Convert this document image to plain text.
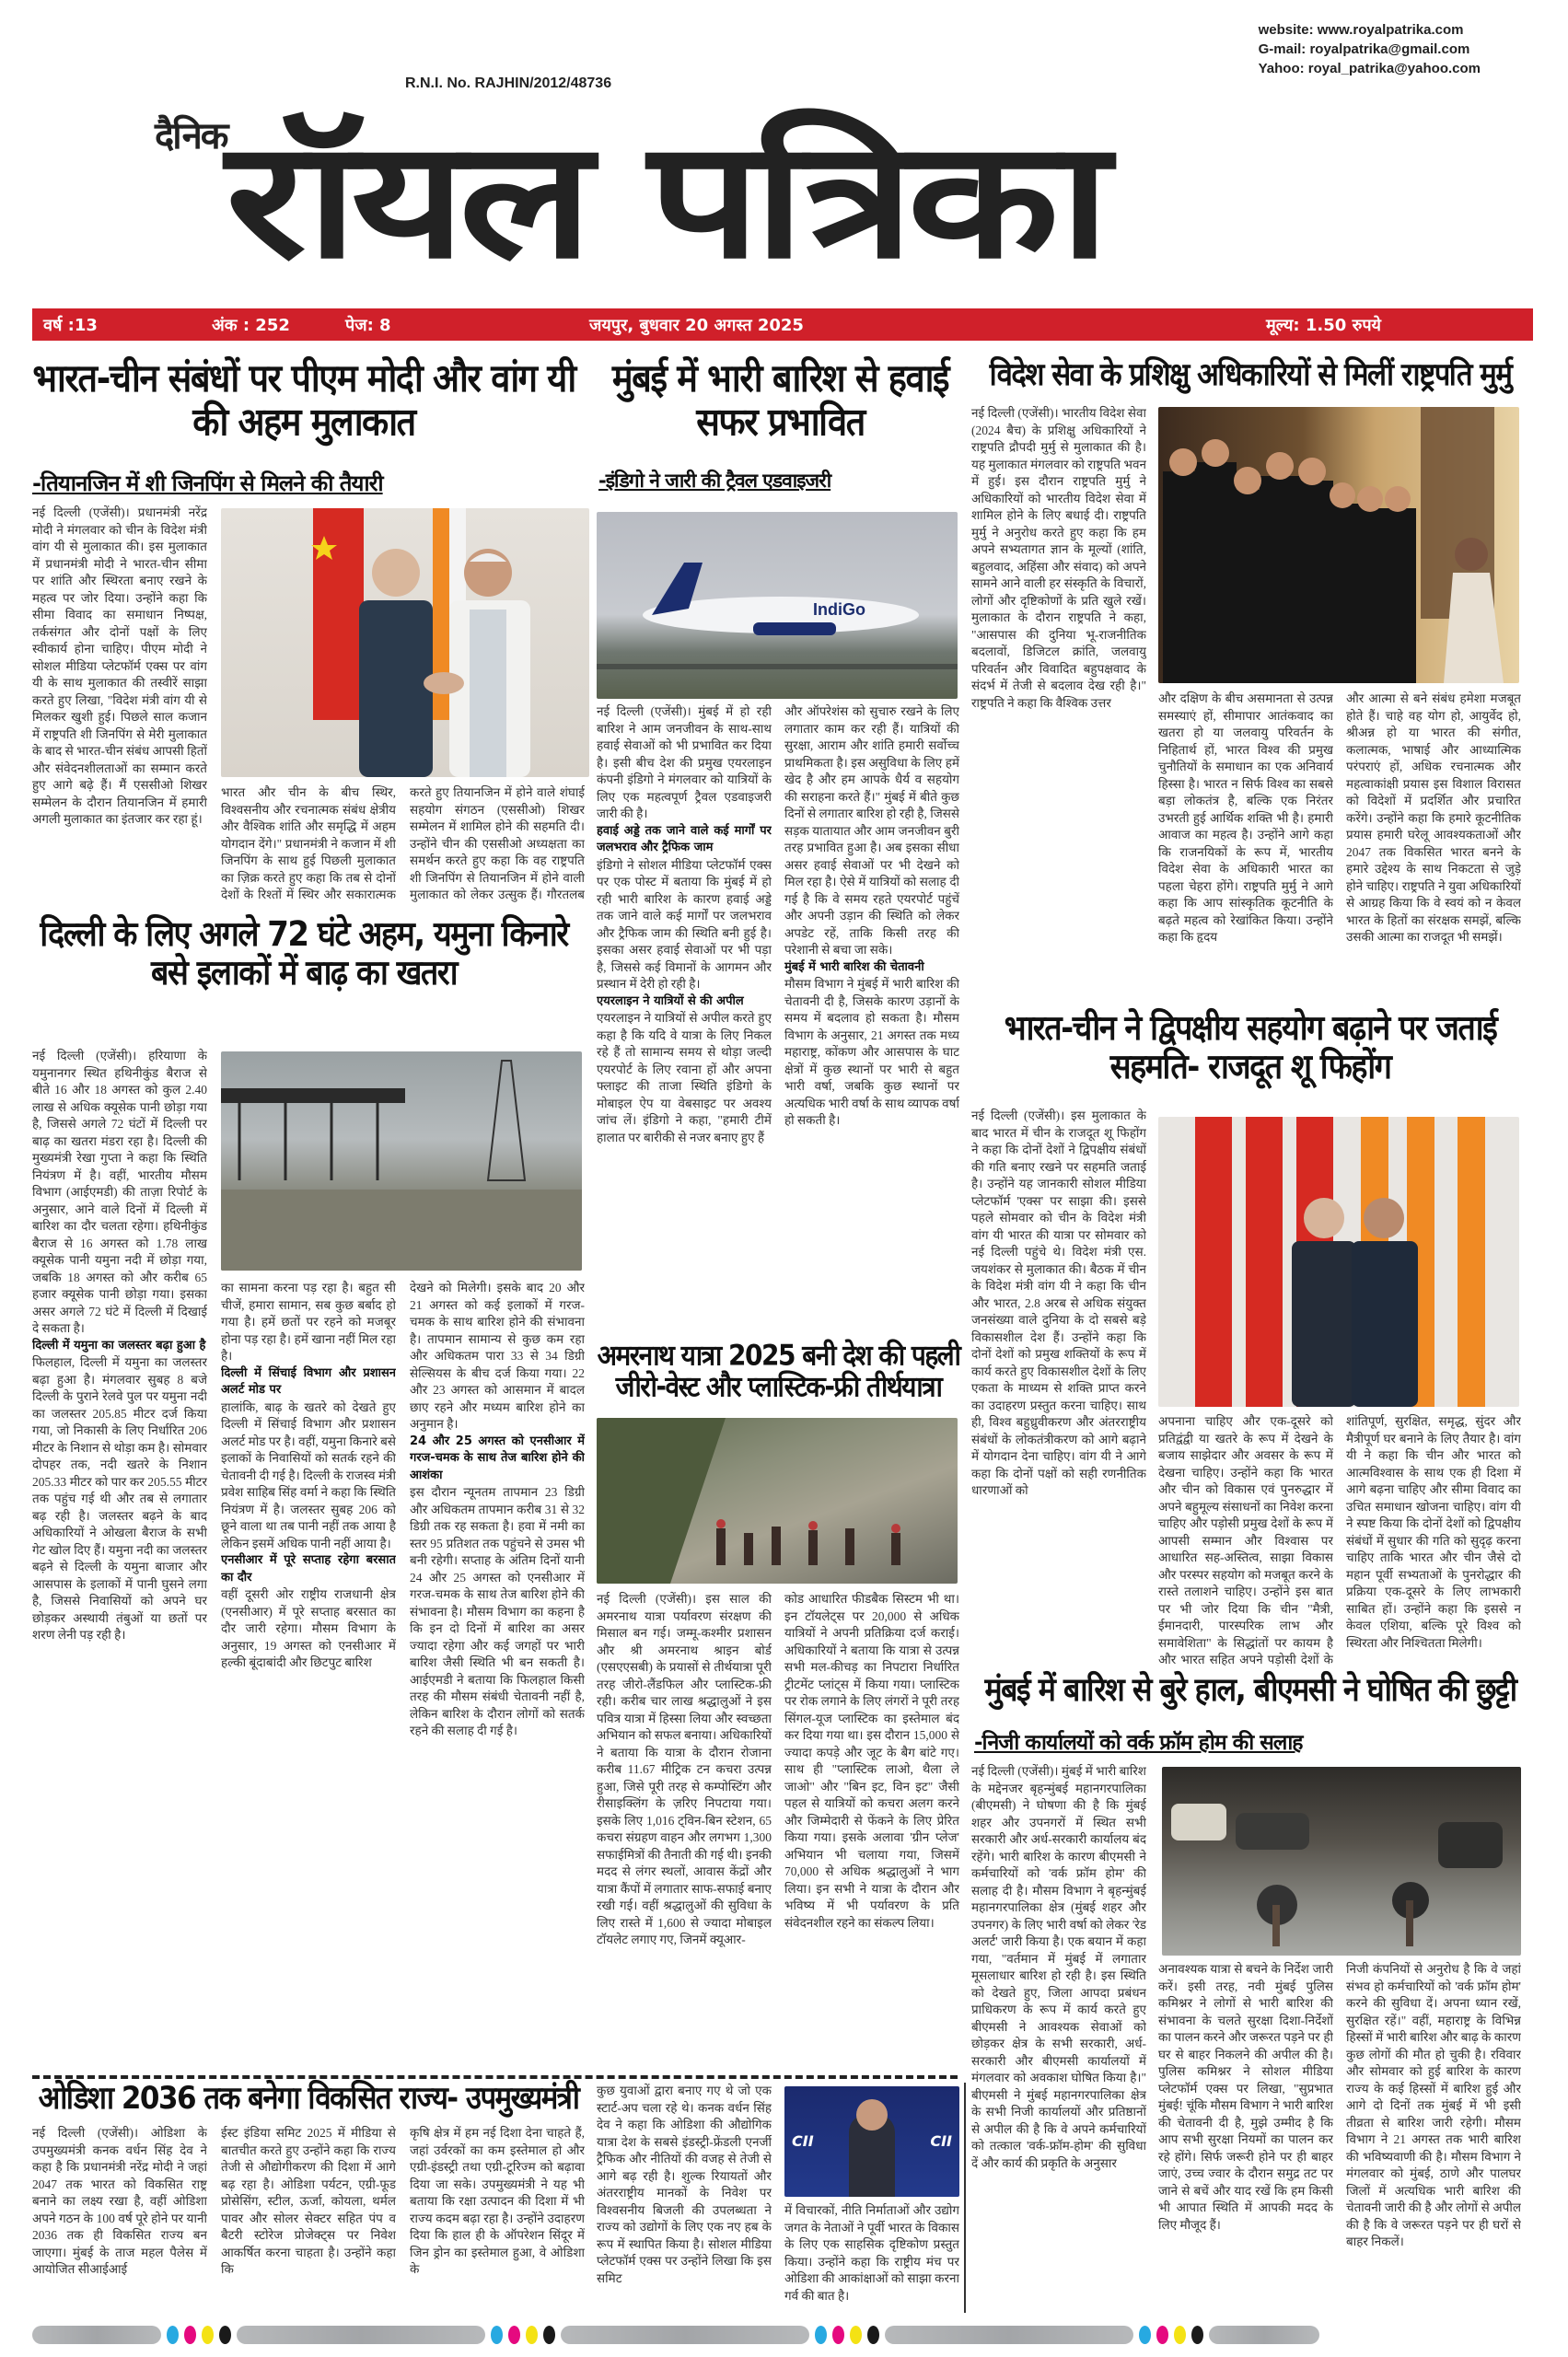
website: www.royalpatrika.com
G-mail: royalpatrika@gmail.com
Yahoo: royal_patrika@yahoo.com
R.N.I. No. RAJHIN/2012/48736
दैनिक
रॉयल पत्रिका
वर्ष :13	अंक : 252	पेज: 8	जयपुर, बुधवार 20 अगस्त 2025	मूल्य: 1.50 रुपये
भारत-चीन संबंधों पर पीएम मोदी और वांग यी की अहम मुलाकात
-तियानजिन में शी जिनपिंग से मिलने की तैयारी
नई दिल्ली (एजेंसी)। प्रधानमंत्री नरेंद्र मोदी ने मंगलवार को चीन के विदेश मंत्री वांग यी से मुलाकात की। इस मुलाकात में प्रधानमंत्री मोदी ने भारत-चीन सीमा पर शांति और स्थिरता बनाए रखने के महत्व पर जोर दिया। उन्होंने कहा कि सीमा विवाद का समाधान निष्पक्ष, तर्कसंगत और दोनों पक्षों के लिए स्वीकार्य होना चाहिए। पीएम मोदी ने सोशल मीडिया प्लेटफॉर्म एक्स पर वांग यी के साथ मुलाकात की तस्वीरें साझा करते हुए लिखा, "विदेश मंत्री वांग यी से मिलकर खुशी हुई। पिछले साल कजान में राष्ट्रपति शी जिनपिंग से मेरी मुलाकात के बाद से भारत-चीन संबंध आपसी हितों और संवेदनशीलताओं का सम्मान करते हुए आगे बढ़े हैं। मैं एससीओ शिखर सम्मेलन के दौरान तियानजिन में हमारी अगली मुलाकात का इंतजार कर रहा हूं।
भारत और चीन के बीच स्थिर, विश्वसनीय और रचनात्मक संबंध क्षेत्रीय और वैश्विक शांति और समृद्धि में अहम योगदान देंगे।" प्रधानमंत्री ने कजान में शी जिनपिंग के साथ हुई पिछली मुलाकात का ज़िक्र करते हुए कहा कि तब से दोनों देशों के रिश्तों में स्थिर और सकारात्मक
करते हुए तियानजिन में होने वाले शंघाई सहयोग संगठन (एससीओ) शिखर सम्मेलन में शामिल होने की सहमति दी। उन्होंने चीन की एससीओ अध्यक्षता का समर्थन करते हुए कहा कि वह राष्ट्रपति शी जिनपिंग से तियानजिन में होने वाली मुलाकात को लेकर उत्सुक हैं। गौरतलब
मुंबई में भारी बारिश से हवाई सफर प्रभावित
-इंडिगो ने जारी की ट्रैवल एडवाइजरी
IndiGo
नई दिल्ली (एजेंसी)। मुंबई में हो रही बारिश ने आम जनजीवन के साथ-साथ हवाई सेवाओं को भी प्रभावित कर दिया है। इसी बीच देश की प्रमुख एयरलाइन कंपनी इंडिगो ने मंगलवार को यात्रियों के लिए एक महत्वपूर्ण ट्रैवल एडवाइजरी जारी की है।
हवाई अड्डे तक जाने वाले कई मार्गों पर जलभराव और ट्रैफिक जाम
इंडिगो ने सोशल मीडिया प्लेटफॉर्म एक्स पर एक पोस्ट में बताया कि मुंबई में हो रही भारी बारिश के कारण हवाई अड्डे तक जाने वाले कई मार्गों पर जलभराव और ट्रैफिक जाम की स्थिति बनी हुई है। इसका असर हवाई सेवाओं पर भी पड़ा है, जिससे कई विमानों के आगमन और प्रस्थान में देरी हो रही है।
एयरलाइन ने यात्रियों से की अपील
एयरलाइन ने यात्रियों से अपील करते हुए कहा है कि यदि वे यात्रा के लिए निकल रहे हैं तो सामान्य समय से थोड़ा जल्दी एयरपोर्ट के लिए रवाना हों और अपना फ्लाइट की ताजा स्थिति इंडिगो के मोबाइल ऐप या वेबसाइट पर अवश्य जांच लें। इंडिगो ने कहा, "हमारी टीमें हालात पर बारीकी से नजर बनाए हुए हैं
और ऑपरेशंस को सुचारु रखने के लिए लगातार काम कर रही हैं। यात्रियों की सुरक्षा, आराम और शांति हमारी सर्वोच्च प्राथमिकता है। इस असुविधा के लिए हमें खेद है और हम आपके धैर्य व सहयोग की सराहना करते हैं।" मुंबई में बीते कुछ दिनों से लगातार बारिश हो रही है, जिससे सड़क यातायात और आम जनजीवन बुरी तरह प्रभावित हुआ है। अब इसका सीधा असर हवाई सेवाओं पर भी देखने को मिल रहा है। ऐसे में यात्रियों को सलाह दी गई है कि वे समय रहते एयरपोर्ट पहुंचें और अपनी उड़ान की स्थिति को लेकर अपडेट रहें, ताकि किसी तरह की परेशानी से बचा जा सके।
मुंबई में भारी बारिश की चेतावनी
मौसम विभाग ने मुंबई में भारी बारिश की चेतावनी दी है, जिसके कारण उड़ानों के समय में बदलाव हो सकता है। मौसम विभाग के अनुसार, 21 अगस्त तक मध्य महाराष्ट्र, कोंकण और आसपास के घाट क्षेत्रों में कुछ स्थानों पर भारी से बहुत भारी वर्षा, जबकि कुछ स्थानों पर अत्यधिक भारी वर्षा के साथ व्यापक वर्षा हो सकती है।
विदेश सेवा के प्रशिक्षु अधिकारियों से मिलीं राष्ट्रपति मुर्मु
नई दिल्ली (एजेंसी)। भारतीय विदेश सेवा (2024 बैच) के प्रशिक्षु अधिकारियों ने राष्ट्रपति द्रौपदी मुर्मु से मुलाकात की है। यह मुलाकात मंगलवार को राष्ट्रपति भवन में हुई। इस दौरान राष्ट्रपति मुर्मु ने अधिकारियों को भारतीय विदेश सेवा में शामिल होने के लिए बधाई दी। राष्ट्रपति मुर्मु ने अनुरोध करते हुए कहा कि हम अपने सभ्यतागत ज्ञान के मूल्यों (शांति, बहुलवाद, अहिंसा और संवाद) को अपने सामने आने वाली हर संस्कृति के विचारों, लोगों और दृष्टिकोणों के प्रति खुले रखें। मुलाकात के दौरान राष्ट्रपति ने कहा, "आसपास की दुनिया भू-राजनीतिक बदलावों, डिजिटल क्रांति, जलवायु परिवर्तन और विवादित बहुपक्षवाद के संदर्भ में तेजी से बदलाव देख रही है।" राष्ट्रपति ने कहा कि वैश्विक उत्तर	और दक्षिण के बीच असमानता से उत्पन्न समस्याएं हों, सीमापार आतंकवाद का खतरा हो या जलवायु परिवर्तन के निहितार्थ हों, भारत विश्व की प्रमुख चुनौतियों के समाधान का एक अनिवार्य हिस्सा है। भारत न सिर्फ विश्व का सबसे बड़ा लोकतंत्र है, बल्कि एक निरंतर उभरती हुई आर्थिक शक्ति भी है। हमारी आवाज का महत्व है। उन्होंने आगे कहा कि राजनयिकों के रूप में, भारतीय विदेश सेवा के अधिकारी भारत का पहला चेहरा होंगे। राष्ट्रपति मुर्मु ने आगे कहा कि आप सांस्कृतिक कूटनीति के बढ़ते महत्व को रेखांकित किया। उन्होंने कहा कि हृदय
और आत्मा से बने संबंध हमेशा मजबूत होते हैं। चाहे वह योग हो, आयुर्वेद हो, श्रीअन्न हो या भारत की संगीत, कलात्मक, भाषाई और आध्यात्मिक परंपराएं हों, अधिक रचनात्मक और महत्वाकांक्षी प्रयास इस विशाल विरासत को विदेशों में प्रदर्शित और प्रचारित करेंगे। उन्होंने कहा कि हमारे कूटनीतिक प्रयास हमारी घरेलू आवश्यकताओं और 2047 तक विकसित भारत बनने के हमारे उद्देश्य के साथ निकटता से जुड़े होने चाहिए। राष्ट्रपति ने युवा अधिकारियों से आग्रह किया कि वे स्वयं को न केवल भारत के हितों का संरक्षक समझें, बल्कि उसकी आत्मा का राजदूत भी समझें।
दिल्ली के लिए अगले 72 घंटे अहम, यमुना किनारे बसे इलाकों में बाढ़ का खतरा
नई दिल्ली (एजेंसी)। हरियाणा के यमुनानगर स्थित हथिनीकुंड बैराज से बीते 16 और 18 अगस्त को कुल 2.40 लाख से अधिक क्यूसेक पानी छोड़ा गया है, जिससे अगले 72 घंटों में दिल्ली पर बाढ़ का खतरा मंडरा रहा है। दिल्ली की मुख्यमंत्री रेखा गुप्ता ने कहा कि स्थिति नियंत्रण में है। वहीं, भारतीय मौसम विभाग (आईएमडी) की ताज़ा रिपोर्ट के अनुसार, आने वाले दिनों में दिल्ली में बारिश का दौर चलता रहेगा। हथिनीकुंड बैराज से 16 अगस्त को 1.78 लाख क्यूसेक पानी यमुना नदी में छोड़ा गया, जबकि 18 अगस्त को और करीब 65 हजार क्यूसेक पानी छोड़ा गया। इसका असर अगले 72 घंटे में दिल्ली में दिखाई दे सकता है।
दिल्ली में यमुना का जलस्तर बढ़ा हुआ है
फिलहाल, दिल्ली में यमुना का जलस्तर बढ़ा हुआ है। मंगलवार सुबह 8 बजे दिल्ली के पुराने रेलवे पुल पर यमुना नदी का जलस्तर 205.85 मीटर दर्ज किया गया, जो निकासी के लिए निर्धारित 206 मीटर के निशान से थोड़ा कम है। सोमवार दोपहर तक, नदी खतरे के निशान 205.33 मीटर को पार कर 205.55 मीटर तक पहुंच गई थी और तब से लगातार बढ़ रही है। जलस्तर बढ़ने के बाद अधिकारियों ने ओखला बैराज के सभी गेट खोल दिए हैं। यमुना नदी का जलस्तर बढ़ने से दिल्ली के यमुना बाजार और आसपास के इलाकों में पानी घुसने लगा है, जिससे निवासियों को अपने घर छोड़कर अस्थायी तंबुओं या छतों पर शरण लेनी पड़ रही है।
का सामना करना पड़ रहा है। बहुत सी चीजें, हमारा सामान, सब कुछ बर्बाद हो गया है। हमें छतों पर रहने को मजबूर होना पड़ रहा है। हमें खाना नहीं मिल रहा है।
दिल्ली में सिंचाई विभाग और प्रशासन अलर्ट मोड पर
हालांकि, बाढ़ के खतरे को देखते हुए दिल्ली में सिंचाई विभाग और प्रशासन अलर्ट मोड पर है। वहीं, यमुना किनारे बसे इलाकों के निवासियों को सतर्क रहने की चेतावनी दी गई है। दिल्ली के राजस्व मंत्री प्रवेश साहिब सिंह वर्मा ने कहा कि स्थिति नियंत्रण में है। जलस्तर सुबह 206 को छूने वाला था तब पानी नहीं तक आया है लेकिन इसमें अधिक पानी नहीं आया है।
एनसीआर में पूरे सप्ताह रहेगा बरसात का दौर
वहीं दूसरी ओर राष्ट्रीय राजधानी क्षेत्र (एनसीआर) में पूरे सप्ताह बरसात का दौर जारी रहेगा। मौसम विभाग के अनुसार, 19 अगस्त को एनसीआर में हल्की बूंदाबांदी और छिटपुट बारिश
देखने को मिलेगी। इसके बाद 20 और 21 अगस्त को कई इलाकों में गरज-चमक के साथ बारिश होने की संभावना है। तापमान सामान्य से कुछ कम रहा और अधिकतम पारा 33 से 34 डिग्री सेल्सियस के बीच दर्ज किया गया। 22 और 23 अगस्त को आसमान में बादल छाए रहने और मध्यम बारिश होने का अनुमान है।
24 और 25 अगस्त को एनसीआर में गरज-चमक के साथ तेज बारिश होने की आशंका
इस दौरान न्यूनतम तापमान 23 डिग्री और अधिकतम तापमान करीब 31 से 32 डिग्री तक रह सकता है। हवा में नमी का स्तर 95 प्रतिशत तक पहुंचने से उमस भी बनी रहेगी। सप्ताह के अंतिम दिनों यानी 24 और 25 अगस्त को एनसीआर में गरज-चमक के साथ तेज बारिश होने की संभावना है। मौसम विभाग का कहना है कि इन दो दिनों में बारिश का असर ज्यादा रहेगा और कई जगहों पर भारी बारिश जैसी स्थिति भी बन सकती है। आईएमडी ने बताया कि फिलहाल किसी तरह की मौसम संबंधी चेतावनी नहीं है, लेकिन बारिश के दौरान लोगों को सतर्क रहने की सलाह दी गई है।
अमरनाथ यात्रा 2025 बनी देश की पहली जीरो-वेस्ट और प्लास्टिक-फ्री तीर्थयात्रा
नई दिल्ली (एजेंसी)। इस साल की अमरनाथ यात्रा पर्यावरण संरक्षण की मिसाल बन गई। जम्मू-कश्मीर प्रशासन और श्री अमरनाथ श्राइन बोर्ड (एसएएसबी) के प्रयासों से तीर्थयात्रा पूरी तरह जीरो-लैंडफिल और प्लास्टिक-फ्री रही। करीब चार लाख श्रद्धालुओं ने इस पवित्र यात्रा में हिस्सा लिया और स्वच्छता अभियान को सफल बनाया। अधिकारियों ने बताया कि यात्रा के दौरान रोजाना करीब 11.67 मीट्रिक टन कचरा उत्पन्न हुआ, जिसे पूरी तरह से कम्पोस्टिंग और रीसाइक्लिंग के ज़रिए निपटाया गया। इसके लिए 1,016 ट्विन-बिन स्टेशन, 65 कचरा संग्रहण वाहन और लगभग 1,300 सफाईमित्रों की तैनाती की गई थी। इनकी मदद से लंगर स्थलों, आवास केंद्रों और यात्रा कैंपों में लगातार साफ-सफाई बनाए रखी गई। वहीं श्रद्धालुओं की सुविधा के लिए रास्ते में 1,600 से ज्यादा मोबाइल टॉयलेट लगाए गए, जिनमें क्यूआर-
कोड आधारित फीडबैक सिस्टम भी था। इन टॉयलेट्स पर 20,000 से अधिक यात्रियों ने अपनी प्रतिक्रिया दर्ज कराई। अधिकारियों ने बताया कि यात्रा से उत्पन्न सभी मल-कीचड़ का निपटारा निर्धारित ट्रीटमेंट प्लांट्स में किया गया। प्लास्टिक पर रोक लगाने के लिए लंगरों ने पूरी तरह सिंगल-यूज प्लास्टिक का इस्तेमाल बंद कर दिया गया था। इस दौरान 15,000 से ज्यादा कपड़े और जूट के बैग बांटे गए। साथ ही "प्लास्टिक लाओ, थैला ले जाओ" और "बिन इट, विन इट" जैसी पहल से यात्रियों को कचरा अलग करने और जिम्मेदारी से फेंकने के लिए प्रेरित किया गया। इसके अलावा 'ग्रीन प्लेज' अभियान भी चलाया गया, जिसमें 70,000 से अधिक श्रद्धालुओं ने भाग लिया। इन सभी ने यात्रा के दौरान और भविष्य में भी पर्यावरण के प्रति संवेदनशील रहने का संकल्प लिया।
भारत-चीन ने द्विपक्षीय सहयोग बढ़ाने पर जताई सहमति- राजदूत शू फिहोंग
नई दिल्ली (एजेंसी)। इस मुलाकात के बाद भारत में चीन के राजदूत शू फिहोंग ने कहा कि दोनों देशों ने द्विपक्षीय संबंधों की गति बनाए रखने पर सहमति जताई है। उन्होंने यह जानकारी सोशल मीडिया प्लेटफॉर्म 'एक्स' पर साझा की। इससे पहले सोमवार को चीन के विदेश मंत्री वांग यी भारत की यात्रा पर सोमवार को नई दिल्ली पहुंचे थे। विदेश मंत्री एस. जयशंकर से मुलाकात की। बैठक में चीन के विदेश मंत्री वांग यी ने कहा कि चीन और भारत, 2.8 अरब से अधिक संयुक्त जनसंख्या वाले दुनिया के दो सबसे बड़े विकासशील देश हैं। उन्होंने कहा कि दोनों देशों को प्रमुख शक्तियों के रूप में कार्य करते हुए विकासशील देशों के लिए एकता के माध्यम से शक्ति प्राप्त करने का उदाहरण प्रस्तुत करना चाहिए। साथ ही, विश्व बहुध्रुवीकरण और अंतरराष्ट्रीय संबंधों के लोकतंत्रीकरण को आगे बढ़ाने में योगदान देना चाहिए। वांग यी ने आगे कहा कि दोनों पक्षों को सही रणनीतिक धारणाओं को
अपनाना चाहिए और एक-दूसरे को प्रतिद्वंद्वी या खतरे के रूप में देखने के बजाय साझेदार और अवसर के रूप में देखना चाहिए। उन्होंने कहा कि भारत और चीन को विकास एवं पुनरुद्धार में अपने बहुमूल्य संसाधनों का निवेश करना चाहिए और पड़ोसी प्रमुख देशों के रूप में आपसी सम्मान और विश्वास पर आधारित सह-अस्तित्व, साझा विकास और परस्पर सहयोग को मजबूत करने के रास्ते तलाशने चाहिए। उन्होंने इस बात पर भी जोर दिया कि चीन "मैत्री, ईमानदारी, पारस्परिक लाभ और समावेशिता" के सिद्धांतों पर कायम है और भारत सहित अपने पड़ोसी देशों के
शांतिपूर्ण, सुरक्षित, समृद्ध, सुंदर और मैत्रीपूर्ण घर बनाने के लिए तैयार है। वांग यी ने कहा कि चीन और भारत को आत्मविश्वास के साथ एक ही दिशा में आगे बढ़ना चाहिए और सीमा विवाद का उचित समाधान खोजना चाहिए। वांग यी ने स्पष्ट किया कि दोनों देशों को द्विपक्षीय संबंधों में सुधार की गति को सुदृढ़ करना चाहिए ताकि भारत और चीन जैसे दो महान पूर्वी सभ्यताओं के पुनरोद्धार की प्रक्रिया एक-दूसरे के लिए लाभकारी साबित हों। उन्होंने कहा कि इससे न केवल एशिया, बल्कि पूरे विश्व को स्थिरता और निश्चितता मिलेगी।
मुंबई में बारिश से बुरे हाल, बीएमसी ने घोषित की छुट्टी
-निजी कार्यालयों को वर्क फ्रॉम होम की सलाह
नई दिल्ली (एजेंसी)। मुंबई में भारी बारिश के मद्देनजर बृहन्मुंबई महानगरपालिका (बीएमसी) ने घोषणा की है कि मुंबई शहर और उपनगरों में स्थित सभी सरकारी और अर्ध-सरकारी कार्यालय बंद रहेंगे। भारी बारिश के कारण बीएमसी ने कर्मचारियों को 'वर्क फ्रॉम होम' की सलाह दी है। मौसम विभाग ने बृहन्मुंबई महानगरपालिका क्षेत्र (मुंबई शहर और उपनगर) के लिए भारी वर्षा को लेकर 'रेड अलर्ट' जारी किया है। एक बयान में कहा गया, "वर्तमान में मुंबई में लगातार मूसलाधार बारिश हो रही है। इस स्थिति को देखते हुए, जिला आपदा प्रबंधन प्राधिकरण के रूप में कार्य करते हुए बीएमसी ने आवश्यक सेवाओं को छोड़कर क्षेत्र के सभी सरकारी, अर्ध-सरकारी और बीएमसी कार्यालयों में मंगलवार को अवकाश घोषित किया है।" बीएमसी ने मुंबई महानगरपालिका क्षेत्र के सभी निजी कार्यालयों और प्रतिष्ठानों से अपील की है कि वे अपने कर्मचारियों को तत्काल 'वर्क-फ्रॉम-होम' की सुविधा दें और कार्य की प्रकृति के अनुसार
अनावश्यक यात्रा से बचने के निर्देश जारी करें। इसी तरह, नवी मुंबई पुलिस कमिश्नर ने लोगों से भारी बारिश की संभावना के चलते सुरक्षा दिशा-निर्देशों का पालन करने और जरूरत पड़ने पर ही घर से बाहर निकलने की अपील की है। पुलिस कमिश्नर ने सोशल मीडिया प्लेटफॉर्म एक्स पर लिखा, "सुप्रभात मुंबई! चूंकि मौसम विभाग ने भारी बारिश की चेतावनी दी है, मुझे उम्मीद है कि आप सभी सुरक्षा नियमों का पालन कर रहे होंगे। सिर्फ जरूरी होने पर ही बाहर जाएं, उच्च ज्वार के दौरान समुद्र तट पर जाने से बचें और याद रखें कि हम किसी भी आपात स्थिति में आपकी मदद के लिए मौजूद हैं।
निजी कंपनियों से अनुरोध है कि वे जहां संभव हो कर्मचारियों को 'वर्क फ्रॉम होम' करने की सुविधा दें। अपना ध्यान रखें, सुरक्षित रहें।" वहीं, महाराष्ट्र के विभिन्न हिस्सों में भारी बारिश और बाढ़ के कारण कुछ लोगों की मौत हो चुकी है। रविवार और सोमवार को हुई बारिश के कारण राज्य के कई हिस्सों में बारिश हुई और आगे दो दिनों तक मुंबई में भी इसी तीव्रता से बारिश जारी रहेगी। मौसम विभाग ने 21 अगस्त तक भारी बारिश की भविष्यवाणी की है। मौसम विभाग ने मंगलवार को मुंबई, ठाणे और पालघर जिलों में अत्यधिक भारी बारिश की चेतावनी जारी की है और लोगों से अपील की है कि वे जरूरत पड़ने पर ही घरों से बाहर निकलें।
ओडिशा 2036 तक बनेगा विकसित राज्य- उपमुख्यमंत्री
नई दिल्ली (एजेंसी)। ओडिशा के उपमुख्यमंत्री कनक वर्धन सिंह देव ने कहा है कि प्रधानमंत्री नरेंद्र मोदी ने जहां 2047 तक भारत को विकसित राष्ट्र बनाने का लक्ष्य रखा है, वहीं ओडिशा अपने गठन के 100 वर्ष पूरे होने पर यानी 2036 तक ही विकसित राज्य बन जाएगा। मुंबई के ताज महल पैलेस में आयोजित सीआईआई
ईस्ट इंडिया समिट 2025 में मीडिया से बातचीत करते हुए उन्होंने कहा कि राज्य तेजी से औद्योगीकरण की दिशा में आगे बढ़ रहा है। ओडिशा पर्यटन, एग्री-फूड प्रोसेसिंग, स्टील, ऊर्जा, कोयला, थर्मल पावर और सोलर सेक्टर सहित पंप व बैटरी स्टोरेज प्रोजेक्ट्स पर निवेश आकर्षित करना चाहता है। उन्होंने कहा कि
कृषि क्षेत्र में हम नई दिशा देना चाहते हैं, जहां उर्वरकों का कम इस्तेमाल हो और एग्री-इंडस्ट्री तथा एग्री-टूरिज्म को बढ़ावा दिया जा सके। उपमुख्यमंत्री ने यह भी बताया कि रक्षा उत्पादन की दिशा में भी राज्य कदम बढ़ा रहा है। उन्होंने उदाहरण दिया कि हाल ही के ऑपरेशन सिंदूर में जिन ड्रोन का इस्तेमाल हुआ, वे ओडिशा के
कुछ युवाओं द्वारा बनाए गए थे जो एक स्टार्ट-अप चला रहे थे। कनक वर्धन सिंह देव ने कहा कि ओडिशा की औद्योगिक यात्रा देश के सबसे इंडस्ट्री-फ्रेंडली एनर्जी ट्रैफिक और नीतियों की वजह से तेजी से आगे बढ़ रही है। शुल्क रियायतों और अंतरराष्ट्रीय मानकों के निवेश पर विश्वसनीय बिजली की उपलब्धता ने राज्य को उद्योगों के लिए एक नए हब के रूप में स्थापित किया है। सोशल मीडिया प्लेटफॉर्म एक्स पर उन्होंने लिखा कि इस समिट
CII	CII
में विचारकों, नीति निर्माताओं और उद्योग जगत के नेताओं ने पूर्वी भारत के विकास के लिए एक साहसिक दृष्टिकोण प्रस्तुत किया। उन्होंने कहा कि राष्ट्रीय मंच पर ओडिशा की आकांक्षाओं को साझा करना गर्व की बात है।
